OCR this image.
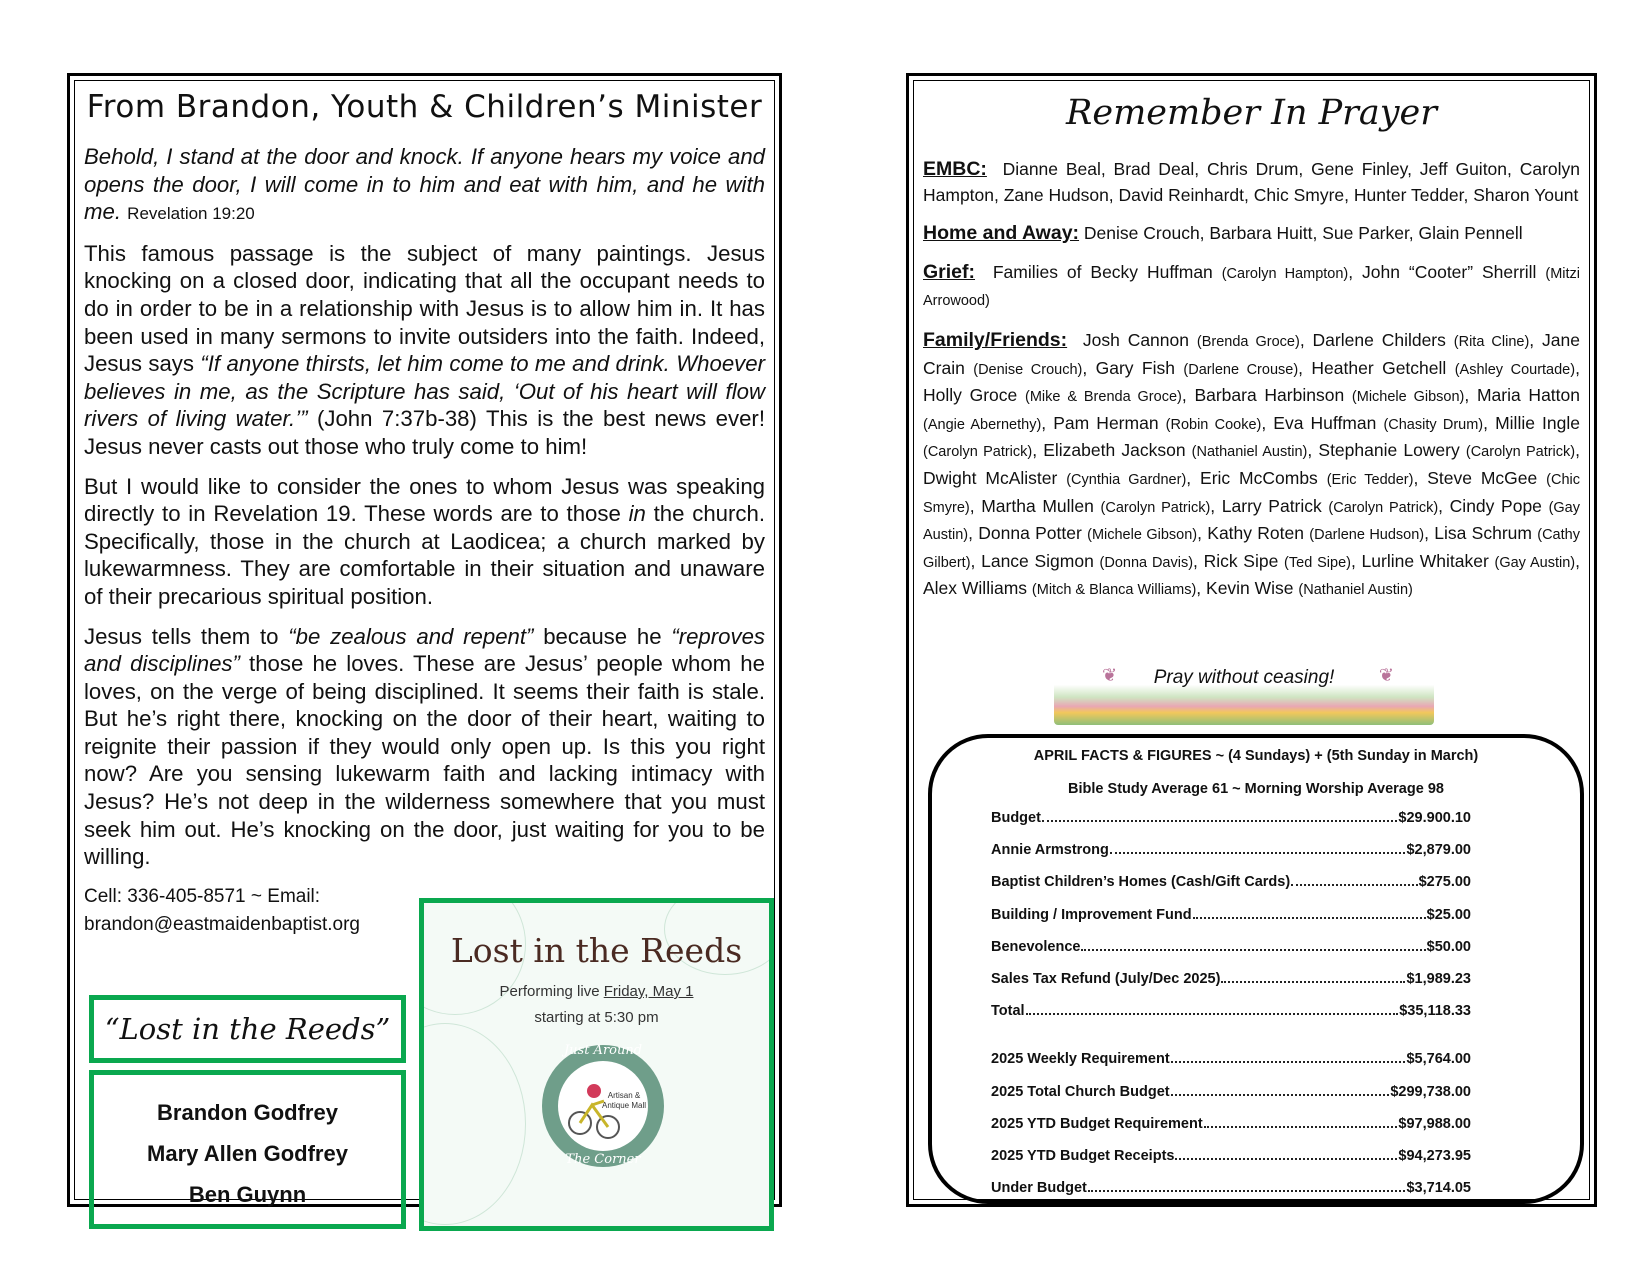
From Brandon, Youth & Children’s Minister

Behold, I stand at the door and knock. If anyone hears my voice and opens the door, I will come in to him and eat with him, and he with me. Revelation 19:20

This famous passage is the subject of many paintings. Jesus knocking on a closed door, indicating that all the occupant needs to do in order to be in a relationship with Jesus is to allow him in. It has been used in many sermons to invite outsiders into the faith. Indeed, Jesus says “If anyone thirsts, let him come to me and drink. Whoever believes in me, as the Scripture has said, ‘Out of his heart will flow rivers of living water.’” (John 7:37b-38) This is the best news ever! Jesus never casts out those who truly come to him!

But I would like to consider the ones to whom Jesus was speaking directly to in Revelation 19. These words are to those in the church. Specifically, those in the church at Laodicea; a church marked by lukewarmness. They are comfortable in their situation and unaware of their precarious spiritual position.

Jesus tells them to “be zealous and repent” because he “reproves and disciplines” those he loves. These are Jesus’ people whom he loves, on the verge of being disciplined. It seems their faith is stale. But he’s right there, knocking on the door of their heart, waiting to reignite their passion if they would only open up. Is this you right now? Are you sensing lukewarm faith and lacking intimacy with Jesus? He’s not deep in the wilderness somewhere that you must seek him out. He’s knocking on the door, just waiting for you to be willing.

Cell: 336-405-8571 ~ Email:
brandon@eastmaidenbaptist.org
“Lost in the Reeds”
Brandon Godfrey
Mary Allen Godfrey
Ben Guynn
Lost in the Reeds
Performing live Friday, May 1
starting at 5:30 pm
Just Around
Artisan & Antique Mall
The Corner
Remember In Prayer

EMBC: Dianne Beal, Brad Deal, Chris Drum, Gene Finley, Jeff Guiton, Carolyn Hampton, Zane Hudson, David Reinhardt, Chic Smyre, Hunter Tedder, Sharon Yount

Home and Away: Denise Crouch, Barbara Huitt, Sue Parker, Glain Pennell

Grief: Families of Becky Huffman (Carolyn Hampton), John “Cooter” Sherrill (Mitzi Arrowood)

Family/Friends: Josh Cannon (Brenda Groce), Darlene Childers (Rita Cline), Jane Crain (Denise Crouch), Gary Fish (Darlene Crouse), Heather Getchell (Ashley Courtade), Holly Groce (Mike & Brenda Groce), Barbara Harbinson (Michele Gibson), Maria Hatton (Angie Abernethy), Pam Herman (Robin Cooke), Eva Huffman (Chasity Drum), Millie Ingle (Carolyn Patrick), Elizabeth Jackson (Nathaniel Austin), Stephanie Lowery (Carolyn Patrick), Dwight McAlister (Cynthia Gardner), Eric McCombs (Eric Tedder), Steve McGee (Chic Smyre), Martha Mullen (Carolyn Patrick), Larry Patrick (Carolyn Patrick), Cindy Pope (Gay Austin), Donna Potter (Michele Gibson), Kathy Roten (Darlene Hudson), Lisa Schrum (Cathy Gilbert), Lance Sigmon (Donna Davis), Rick Sipe (Ted Sipe), Lurline Whitaker (Gay Austin), Alex Williams (Mitch & Blanca Williams), Kevin Wise (Nathaniel Austin)

❦	❦
Pray without ceasing!
APRIL FACTS & FIGURES ~ (4 Sundays) + (5th Sunday in March)
Bible Study Average 61 ~ Morning Worship Average 98
Budget	$29.900.10
Annie Armstrong	$2,879.00
Baptist Children’s Homes (Cash/Gift Cards)	$275.00
Building / Improvement Fund	$25.00
Benevolence	$50.00
Sales Tax Refund (July/Dec 2025)	$1,989.23
Total	$35,118.33
2025 Weekly Requirement	$5,764.00
2025 Total Church Budget	$299,738.00
2025 YTD Budget Requirement	$97,988.00
2025 YTD Budget Receipts	$94,273.95
Under Budget	$3,714.05
